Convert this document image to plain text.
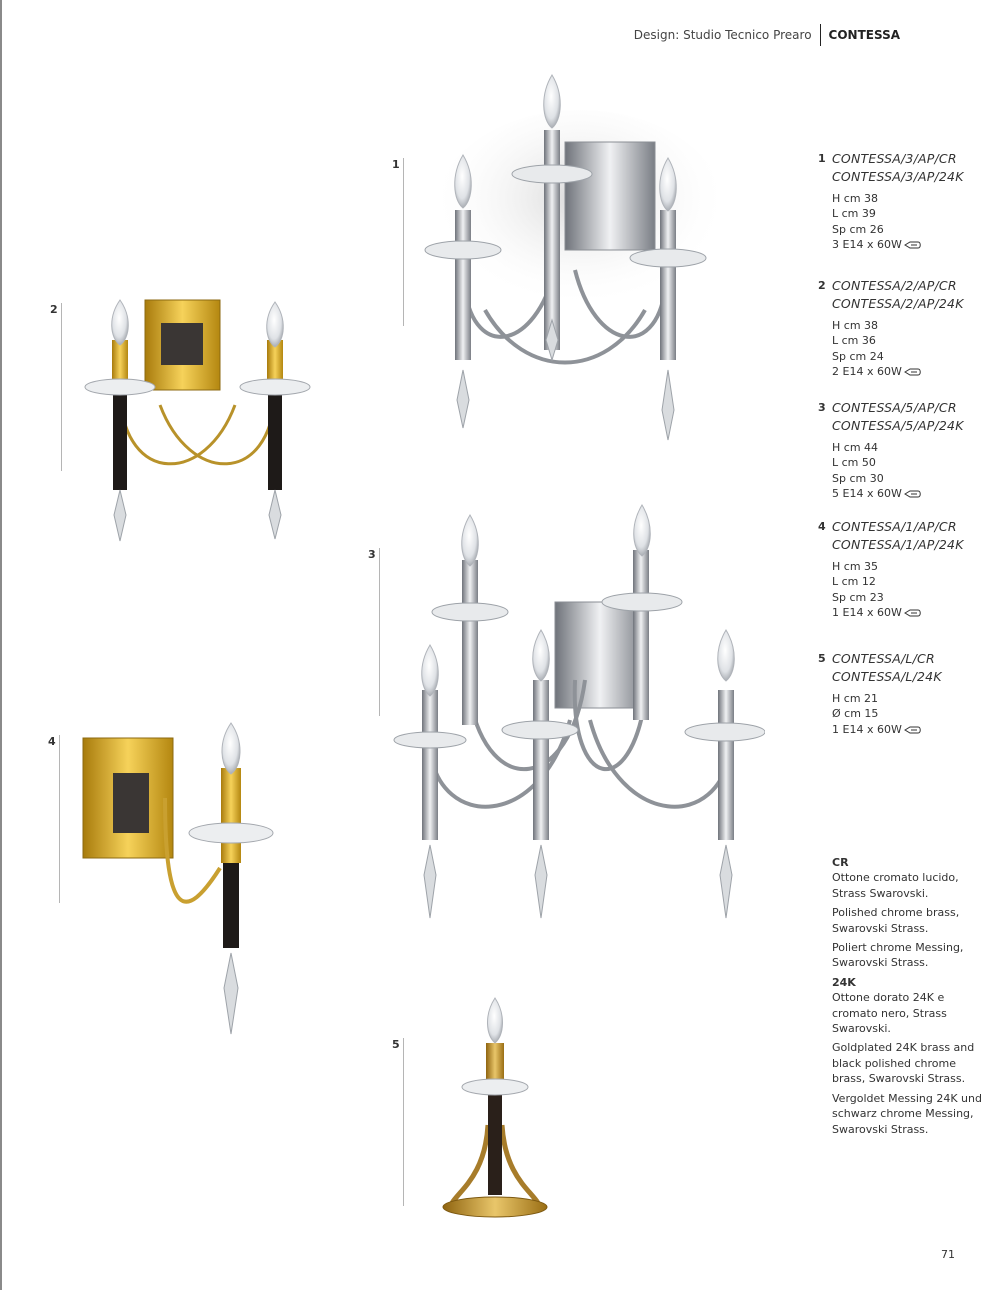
Design: Studio Tecnico Prearo CONTESSA
1
2
3
4
5
1 CONTESSA/3/AP/CR
CONTESSA/3/AP/24K
H cm 38
L cm 39
Sp cm 26
3 E14 x 60W
2 CONTESSA/2/AP/CR
CONTESSA/2/AP/24K
H cm 38
L cm 36
Sp cm 24
2 E14 x 60W
3 CONTESSA/5/AP/CR
CONTESSA/5/AP/24K
H cm 44
L cm 50
Sp cm 30
5 E14 x 60W
4 CONTESSA/1/AP/CR
CONTESSA/1/AP/24K
H cm 35
L cm 12
Sp cm 23
1 E14 x 60W
5 CONTESSA/L/CR
CONTESSA/L/24K
H cm 21
Ø cm 15
1 E14 x 60W
CR
Ottone cromato lucido, Strass Swarovski.
Polished chrome brass, Swarovski Strass.
Poliert chrome Messing, Swarovski Strass.
24K
Ottone dorato 24K e cromato nero, Strass Swarovski.
Goldplated 24K brass and black polished chrome brass, Swarovski Strass.
Vergoldet Messing 24K und schwarz chrome Messing, Swarovski Strass.
71
